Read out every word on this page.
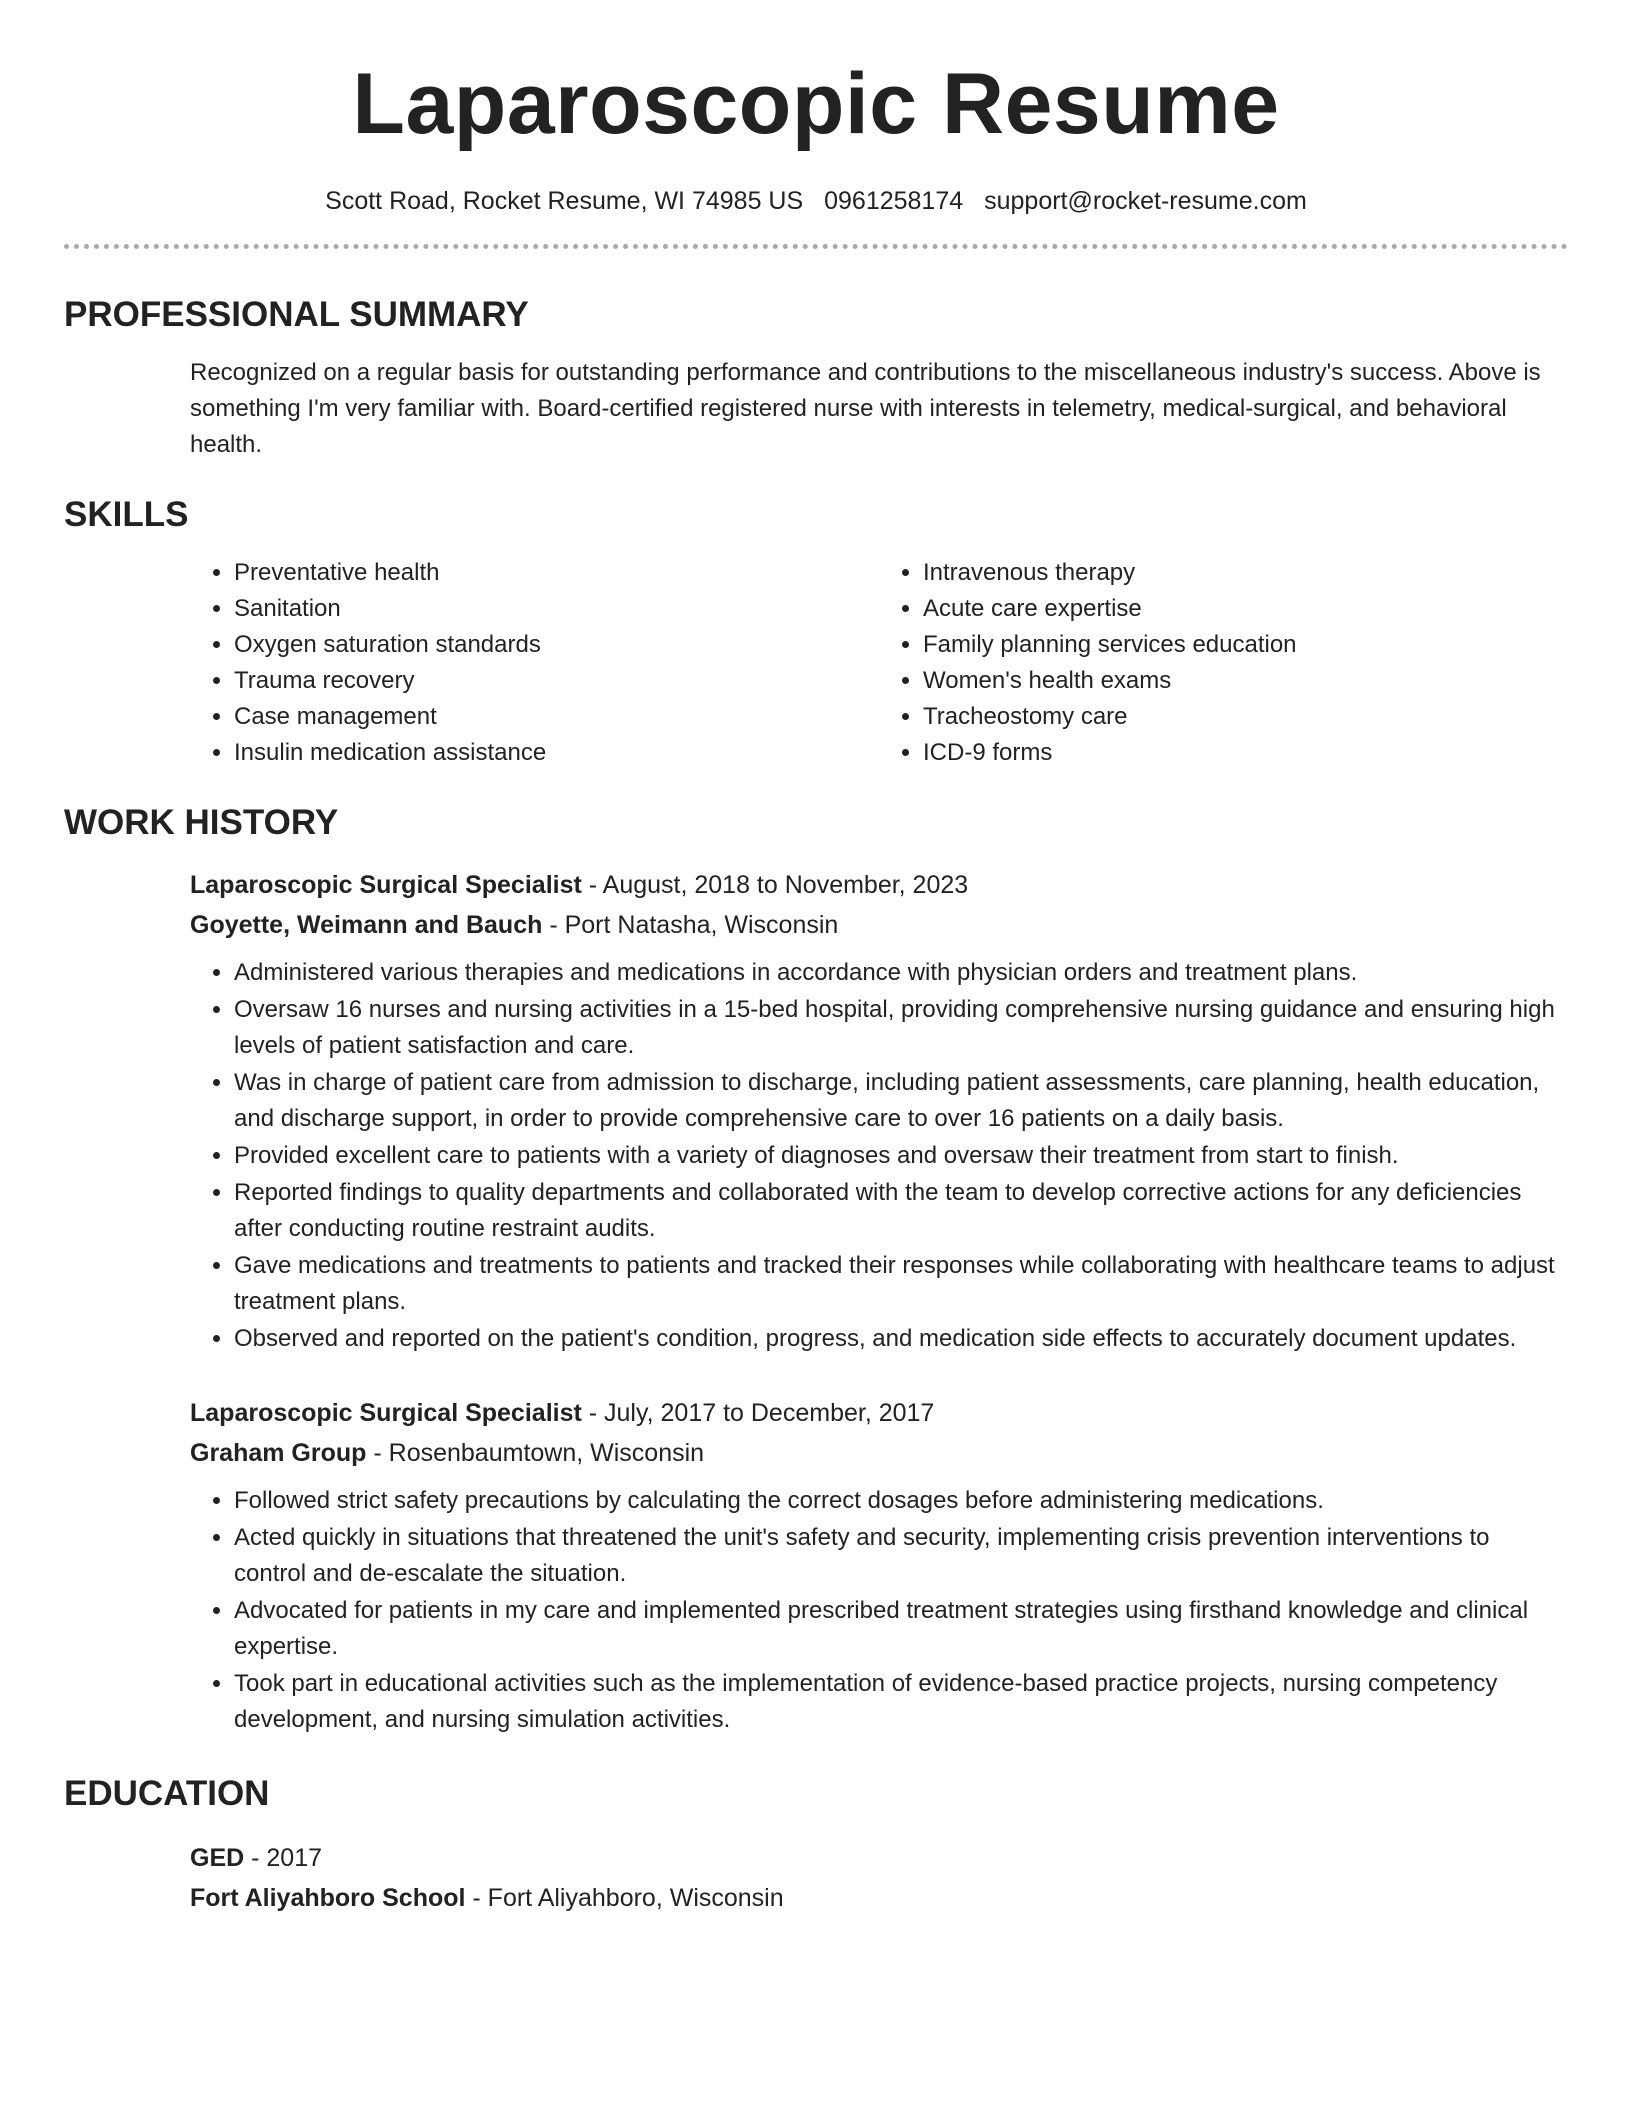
Laparoscopic Resume
Scott Road, Rocket Resume, WI 74985 US 0961258174 support@rocket-resume.com
PROFESSIONAL SUMMARY
Recognized on a regular basis for outstanding performance and contributions to the miscellaneous industry's success. Above is something I'm very familiar with. Board-certified registered nurse with interests in telemetry, medical-surgical, and behavioral health.
SKILLS
• Preventative health
• Sanitation
• Oxygen saturation standards
• Trauma recovery
• Case management
• Insulin medication assistance
• Intravenous therapy
• Acute care expertise
• Family planning services education
• Women's health exams
• Tracheostomy care
• ICD-9 forms
WORK HISTORY
Laparoscopic Surgical Specialist - August, 2018 to November, 2023
Goyette, Weimann and Bauch - Port Natasha, Wisconsin
• Administered various therapies and medications in accordance with physician orders and treatment plans.
• Oversaw 16 nurses and nursing activities in a 15-bed hospital, providing comprehensive nursing guidance and ensuring high levels of patient satisfaction and care.
• Was in charge of patient care from admission to discharge, including patient assessments, care planning, health education, and discharge support, in order to provide comprehensive care to over 16 patients on a daily basis.
• Provided excellent care to patients with a variety of diagnoses and oversaw their treatment from start to finish.
• Reported findings to quality departments and collaborated with the team to develop corrective actions for any deficiencies after conducting routine restraint audits.
• Gave medications and treatments to patients and tracked their responses while collaborating with healthcare teams to adjust treatment plans.
• Observed and reported on the patient's condition, progress, and medication side effects to accurately document updates.
Laparoscopic Surgical Specialist - July, 2017 to December, 2017
Graham Group - Rosenbaumtown, Wisconsin
• Followed strict safety precautions by calculating the correct dosages before administering medications.
• Acted quickly in situations that threatened the unit's safety and security, implementing crisis prevention interventions to control and de-escalate the situation.
• Advocated for patients in my care and implemented prescribed treatment strategies using firsthand knowledge and clinical expertise.
• Took part in educational activities such as the implementation of evidence-based practice projects, nursing competency development, and nursing simulation activities.
EDUCATION
GED - 2017
Fort Aliyahboro School - Fort Aliyahboro, Wisconsin
